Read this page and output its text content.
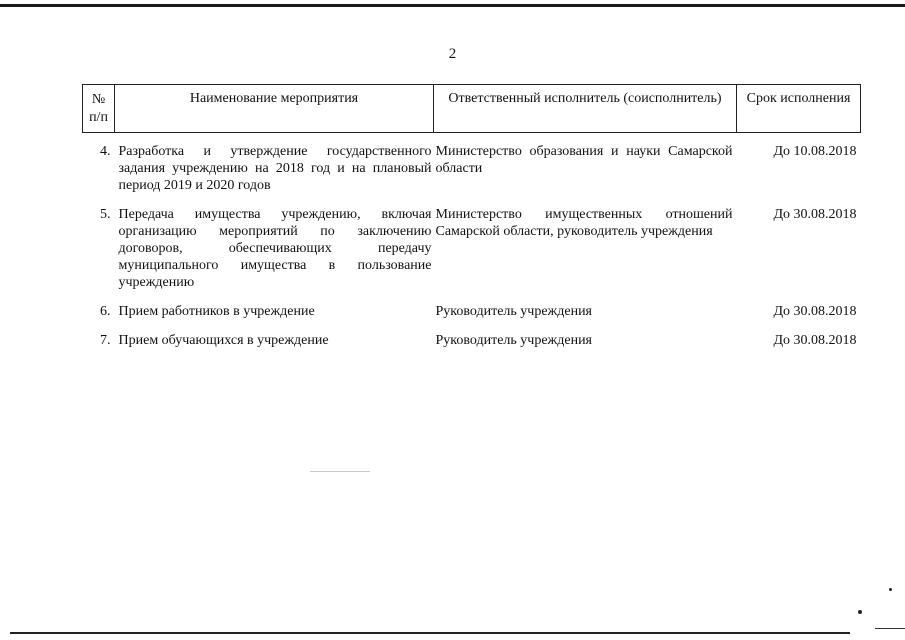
2
№
п/п	Наименование мероприятия	Ответственный исполнитель (соисполнитель)	Срок исполнения
4.	Разработка и утверждение государственного задания учреждению на 2018 год и на плановый период 2019 и 2020 годов	Министерство образования и науки Самарской области	До 10.08.2018
5.	Передача имущества учреждению, включая организацию мероприятий по заключению договоров, обеспечивающих передачу муниципального имущества в пользование учреждению	Министерство имущественных отношений Самарской области, руководитель учреждения	До 30.08.2018
6.	Прием работников в учреждение	Руководитель учреждения	До 30.08.2018
7.	Прием обучающихся в учреждение	Руководитель учреждения	До 30.08.2018
